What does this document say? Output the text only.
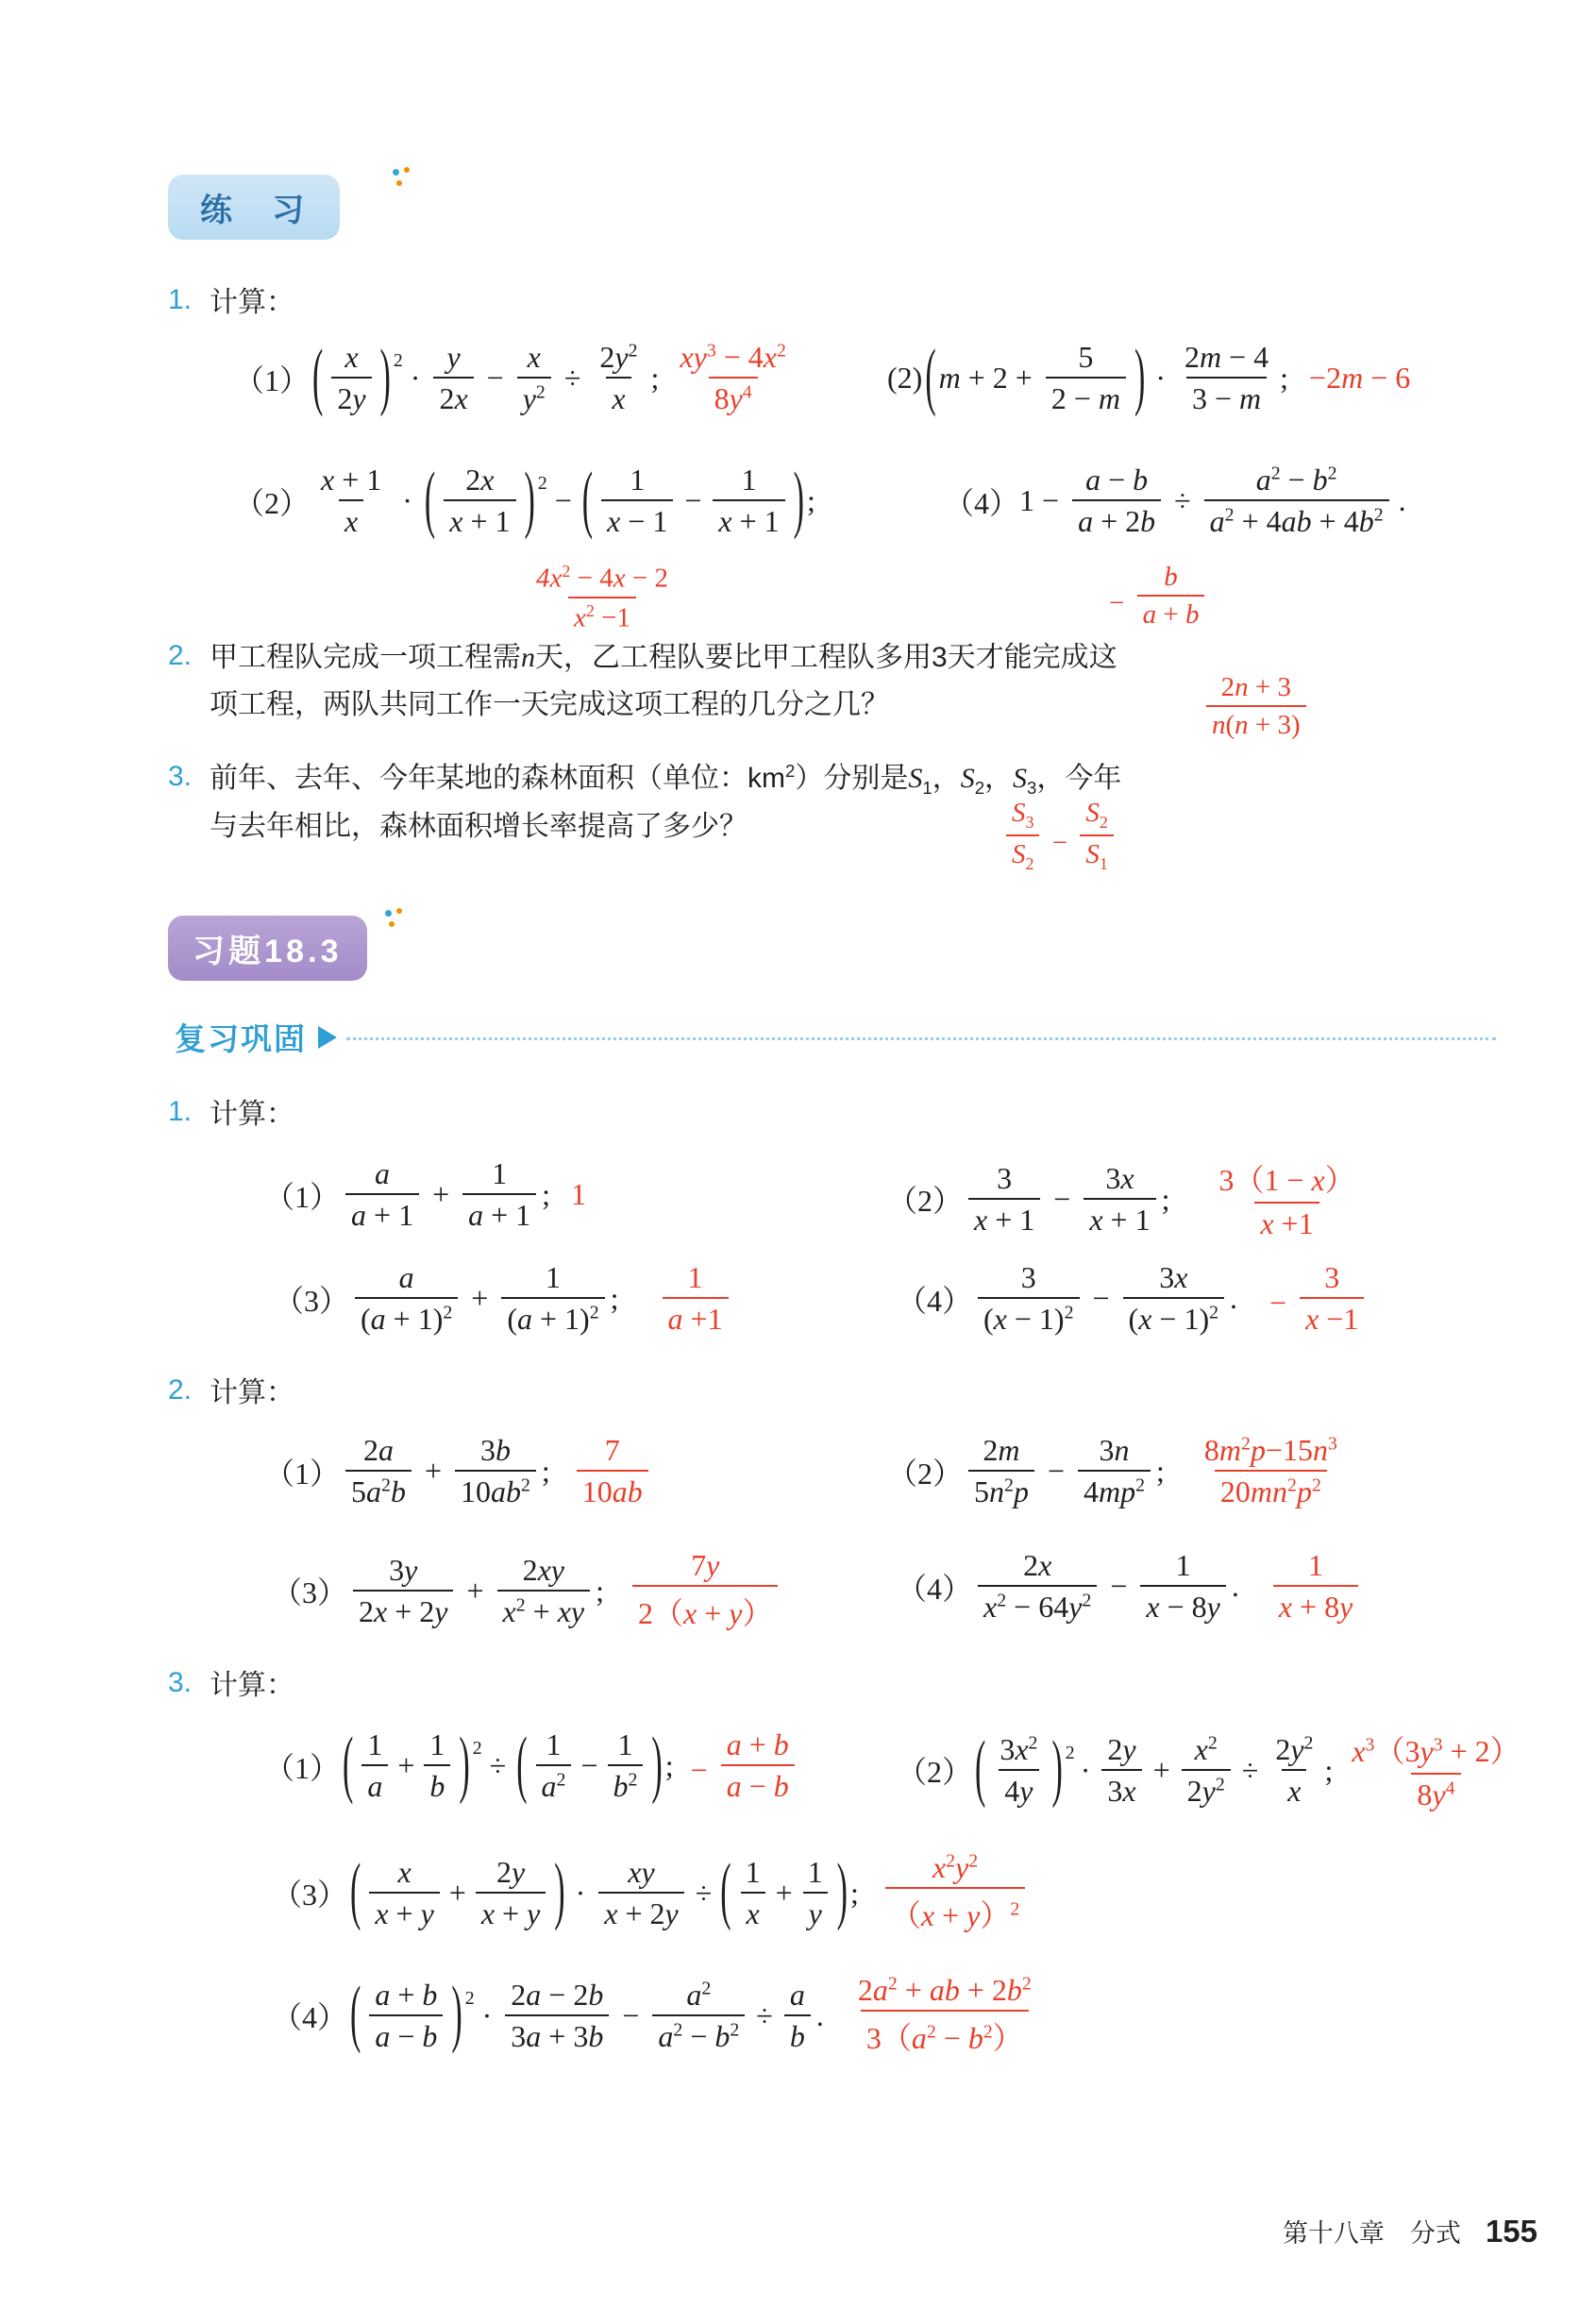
练　习
1. 计算：
（1） ( $\frac{x}{2y} )^2 \cdot \frac{y}{2x} - \frac{x}{y^2} \div \frac{2y^2}{x}$ ; $\frac{xy^3 - 4x^2}{8y^4}$	(2) ( $m + 2 + \frac{5}{2 - m}$ ) · $\frac{2m - 4}{3 - m}$ ; −2m − 6
$(2) \frac{x + 1}{x}$ · ( $\frac{2x}{x + 1} )^2$ − ( $\frac{1}{x - 1} - \frac{1}{x + 1}$ ) ;	（4） $1 - \frac{a - b}{a + 2b} \div \frac{a^2 - b^2}{a^2 + 4ab + 4b^2}$ .
$\frac{4x^2 - 4x - 2}{x^2 -1}$	− $\frac{b}{a + b}$
2. 甲工程队完成一项工程需n天，乙工程队要比甲工程队多用3天才能完成这
项工程，两队共同工作一天完成这项工程的几分之几？	$\frac{2n + 3}{n(n + 3)}$
3. 前年、去年、今年某地的森林面积（单位：$km^2$）分别是$S_1$，$S_2$，$S_3$，今年
与去年相比，森林面积增长率提高了多少？	$\frac{S_3}{S_2} - \frac{S_2}{S_1}$
习题18.3
复习巩固
1. 计算：
$(1) \frac{a}{a + 1} + \frac{1}{a + 1}$ ; 1	$(2) \frac{3}{x + 1} - \frac{3x}{x + 1}$ ; $\frac{3(1 - x)}{x +1}$
$(3) \frac{a}{(a + 1)^2} + \frac{1}{(a + 1)^2}$ ; $\frac{1}{a +1}$	$(4) \frac{3}{(x - 1)^2} - \frac{3x}{(x - 1)^2}$ . − $\frac{3}{x -1}$
2. 计算：
$(1) \frac{2a}{5a^2b} + \frac{3b}{10ab^2}$ ; $\frac{7}{10ab}$	$(2) \frac{2m}{5n^2p} - \frac{3n}{4mp^2}$ ; $\frac{8m^2p-15n^3}{20mn^2p^2}$
$(3) \frac{3y}{2x + 2y} + \frac{2xy}{x^2 + xy}$ ; $\frac{7y}{2(x + y)}$	$(4) \frac{2x}{x^2 - 64y^2} - \frac{1}{x - 8y}$ . $\frac{1}{x + 8y}$
3. 计算：
（1） ( $\frac{1}{a} + \frac{1}{b} )^2$ ÷ ( $\frac{1}{a^2} - \frac{1}{b^2}$ ) ; − $\frac{a + b}{a - b}$	（2） ( $\frac{3x^2}{4y} )^2 \cdot \frac{2y}{3x} + \frac{x^2}{2y^2} \div \frac{2y^2}{x}$ ; $\frac{x^3(3y^3 + 2)}{8y^4}$
（3） ( $\frac{x}{x + y} + \frac{2y}{x + y}$ ) · $\frac{xy}{x + 2y}$ ÷ ( $\frac{1}{x} + \frac{1}{y}$ ) ; $\frac{x^2y^2}{(x + y)^2}$
（4） ( $\frac{a + b}{a - b} )^2 \cdot \frac{2a - 2b}{3a + 3b} - \frac{a^2}{a^2 - b^2} \div \frac{a}{b}$ . $\frac{2a^2 + ab + 2b^2}{3(a^2 - b^2)}$
第十八章　分式 155
